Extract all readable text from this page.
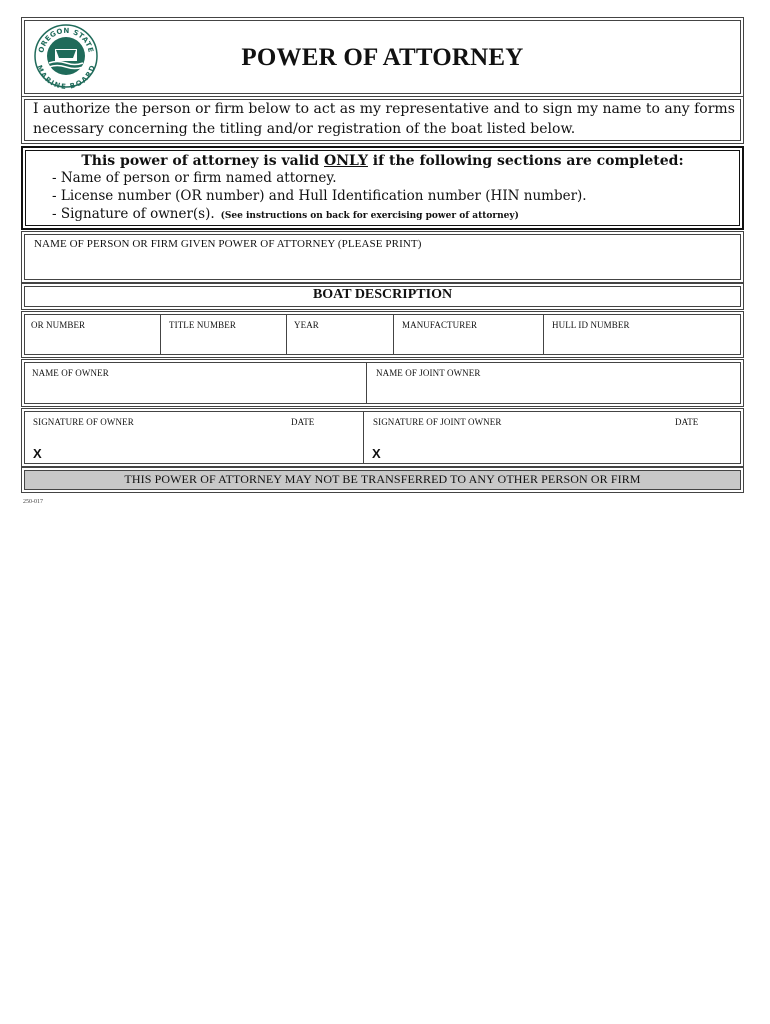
OREGON STATE
MARINE BOARD	POWER OF ATTORNEY

I authorize the person or firm below to act as my representative and to sign my name to any forms
necessary concerning the titling and/or registration of the boat listed below.

This power of attorney is valid ONLY if the following sections are completed:
- Name of person or firm named attorney.
- License number (OR number) and Hull Identification number (HIN number).
- Signature of owner(s). (See instructions on back for exercising power of attorney)
NAME OF PERSON OR FIRM GIVEN POWER OF ATTORNEY (PLEASE PRINT)
BOAT DESCRIPTION
OR NUMBER	TITLE NUMBER	YEAR	MANUFACTURER	HULL ID NUMBER
NAME OF OWNER	NAME OF JOINT OWNER
SIGNATURE OF OWNER	DATE
X
SIGNATURE OF JOINT OWNER	DATE
X
THIS POWER OF ATTORNEY MAY NOT BE TRANSFERRED TO ANY OTHER PERSON OR FIRM
250-017
